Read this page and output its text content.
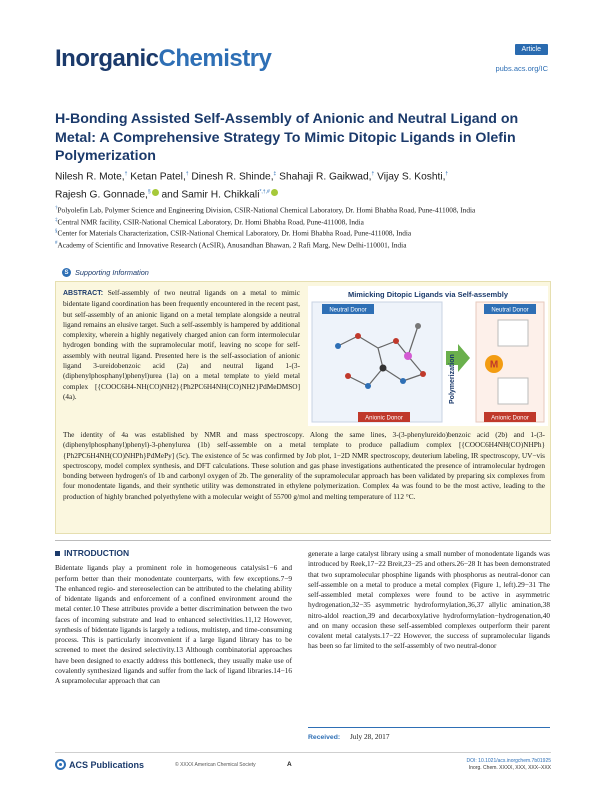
InorganicChemistry	Article
pubs.acs.org/IC
H-Bonding Assisted Self-Assembly of Anionic and Neutral Ligand on Metal: A Comprehensive Strategy To Mimic Ditopic Ligands in Olefin Polymerization
Nilesh R. Mote,† Ketan Patel,† Dinesh R. Shinde,‡ Shahaji R. Gaikwad,† Vijay S. Koshti,†
Rajesh G. Gonnade,§ and Samir H. Chikkali*,†,#

†Polyolefin Lab, Polymer Science and Engineering Division, CSIR-National Chemical Laboratory, Dr. Homi Bhabha Road, Pune-411008, India

‡Central NMR facility, CSIR-National Chemical Laboratory, Dr. Homi Bhabha Road, Pune-411008, India

§Center for Materials Characterization, CSIR-National Chemical Laboratory, Dr. Homi Bhabha Road, Pune-411008, India

#Academy of Scientific and Innovative Research (AcSIR), Anusandhan Bhawan, 2 Rafi Marg, New Delhi-110001, India

S Supporting Information
ABSTRACT: Self-assembly of two neutral ligands on a metal to mimic bidentate ligand coordination has been frequently encountered in the recent past, but self-assembly of an anionic ligand on a metal template alongside a neutral ligand remains an elusive target. Such a self-assembly is hampered by additional complexity, wherein a highly negatively charged anion can form intermolecular hydrogen bonding with the supramolecular motif, leaving no scope for self-assembly with neutral ligand. Presented here is the self-association of anionic ligand 3-ureidobenzoic acid (2a) and neutral ligand 1-(3-(diphenylphosphanyl)phenyl)urea (1a) on a metal template to yield metal complex [{COOC6H4-NH(CO)NH2}{Ph2PC6H4NH(CO)NH2}PdMeDMSO] (4a).
Mimicking Ditopic Ligands via Self-assembly
Neutral Donor
Anionic Donor
Polymerization
Neutral Donor
M
Anionic Donor
The identity of 4a was established by NMR and mass spectroscopy. Along the same lines, 3-(3-phenylureido)benzoic acid (2b) and 1-(3-(diphenylphosphanyl)phenyl)-3-phenylurea (1b) self-assemble on a metal template to produce palladium complex [{COOC6H4NH(CO)NHPh}{Ph2PC6H4NH(CO)NHPh}PdMePy] (5c). The existence of 5c was confirmed by Job plot, 1−2D NMR spectroscopy, deuterium labeling, IR spectroscopy, UV−vis spectroscopy, model complex synthesis, and DFT calculations. These solution and gas phase investigations authenticated the presence of intramolecular hydrogen bonding between hydrogen's of 1b and carbonyl oxygen of 2b. The generality of the supramolecular approach has been validated by preparing six complexes from four monodentate ligands, and their synthetic utility was demonstrated in ethylene polymerization. Complex 4a was found to be the most active, leading to the production of highly branched polyethylene with a molecular weight of 55700 g/mol and melting temperature of 112 °C.
INTRODUCTION
Bidentate ligands play a prominent role in homogeneous catalysis1−6 and perform better than their monodentate counterparts, with few exceptions.7−9 The enhanced regio- and stereoselection can be attributed to the chelating ability of bidentate ligands and enforcement of a confined environment around the metal center.10 These attributes provide a better discrimination between the two faces of incoming substrate and lead to enhanced selectivities.11,12 However, synthesis of bidentate ligands is largely a tedious, multistep, and time-consuming process. This is particularly inconvenient if a large ligand library has to be screened to meet the desired selectivity.13 Although combinatorial approaches have been designed to exactly address this bottleneck, they usually make use of covalently synthesized ligands and suffer from the lack of ligand libraries.14−16 A supramolecular approach that can
generate a large catalyst library using a small number of monodentate ligands was introduced by Reek,17−22 Breit,23−25 and others.26−28 It has been demonstrated that two supramolecular phosphine ligands with phosphorus as neutral-donor can self-assemble on a metal to produce a metal complex (Figure 1, left).29−31 The self-assembled metal complexes were found to be active in asymmetric hydrogenation,32−35 asymmetric hydroformylation,36,37 allylic amination,38 nitro-aldol reaction,39 and decarboxylative hydroformylation−hydrogenation,40 and on many occasion these self-assembled complexes outperform their parent covalent metal catalysts.17−22 However, the success of supramolecular ligands has been so far limited to the self-assembly of two neutral-donor
Received: July 28, 2017
ACS Publications	© XXXX American Chemical Society	A	DOI: 10.1021/acs.inorgchem.7b01925
Inorg. Chem. XXXX, XXX, XXX−XXX
